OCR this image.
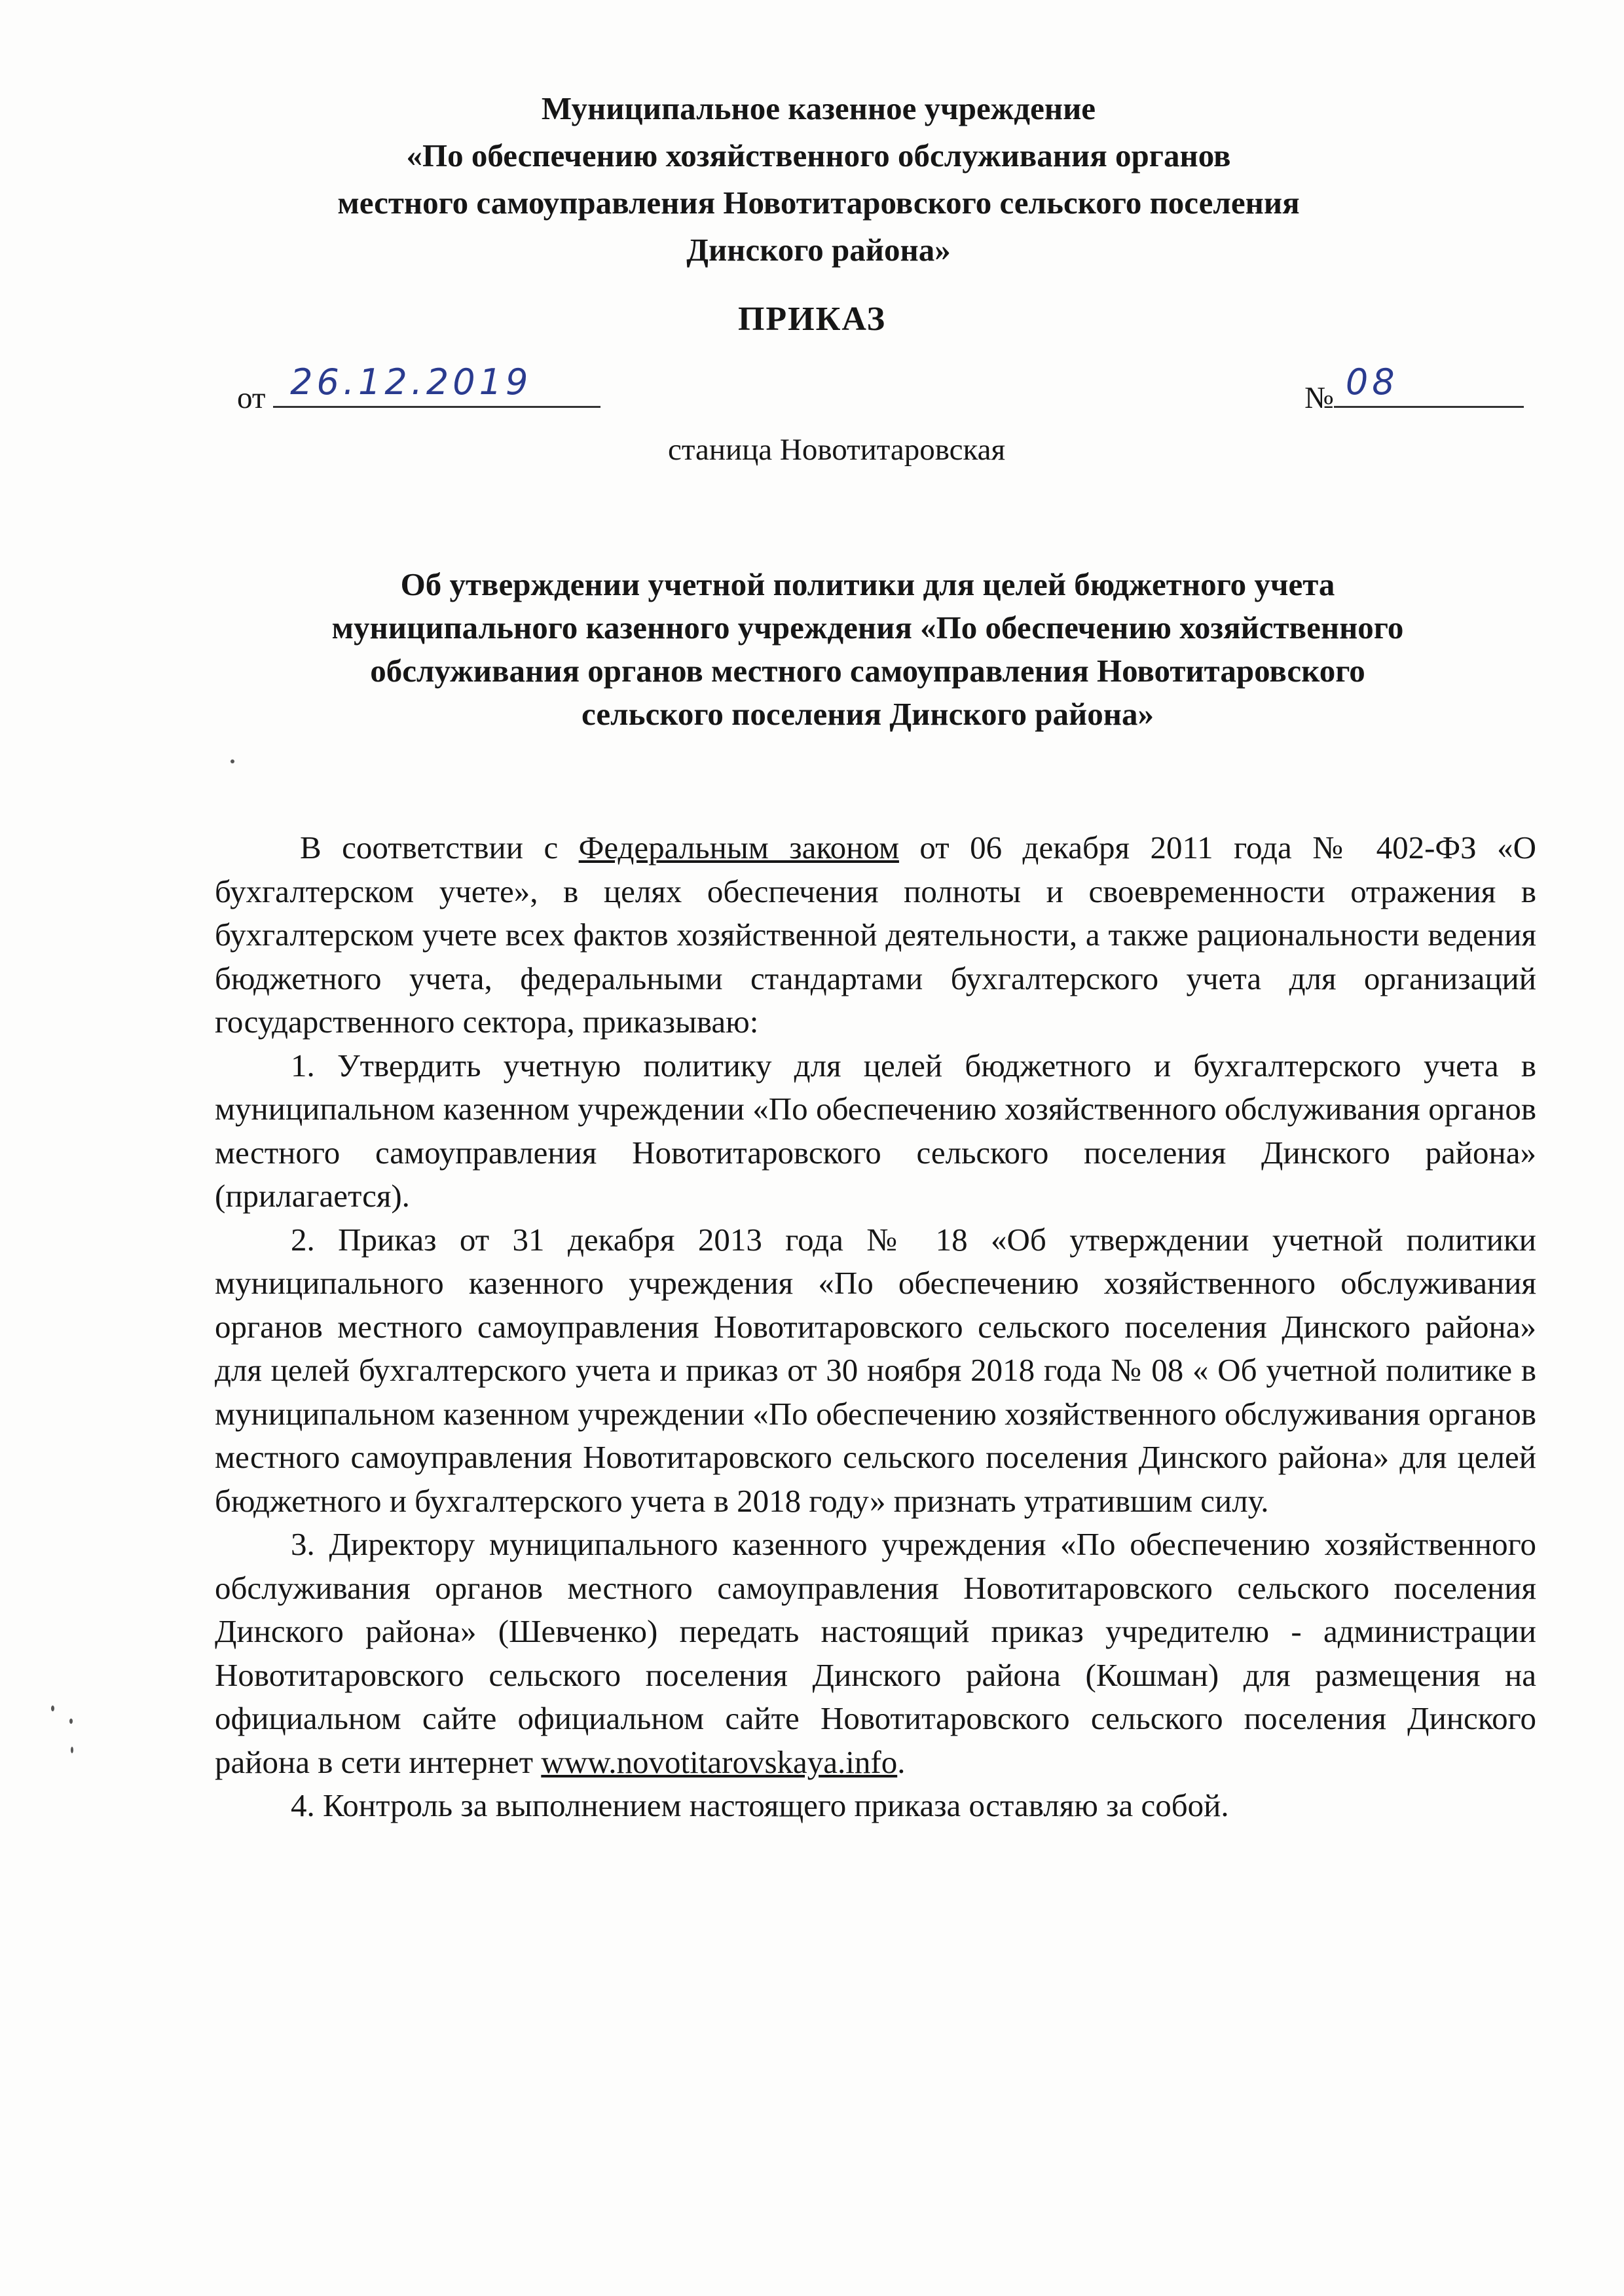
Муниципальное казенное учреждение
«По обеспечению хозяйственного обслуживания органов
местного самоуправления Новотитаровского сельского поселения
Динского района»
ПРИКАЗ
от 26.12.2019	№ 08
станица Новотитаровская
Об утверждении учетной политики для целей бюджетного учета
муниципального казенного учреждения «По обеспечению хозяйственного
обслуживания органов местного самоуправления Новотитаровского
сельского поселения Динского района»

В соответствии с Федеральным законом от 06 декабря 2011 года № 402-ФЗ «О бухгалтерском учете», в целях обеспечения полноты и своевременности отражения в бухгалтерском учете всех фактов хозяйственной деятельности, а также рациональности ведения бюджетного учета, федеральными стандартами бухгалтерского учета для организаций государственного сектора, приказываю:

1. Утвердить учетную политику для целей бюджетного и бухгалтерского учета в муниципальном казенном учреждении «По обеспечению хозяйственного обслуживания органов местного самоуправления Новотитаровского сельского поселения Динского района» (прилагается).

2. Приказ от 31 декабря 2013 года № 18 «Об утверждении учетной политики муниципального казенного учреждения «По обеспечению хозяйственного обслуживания органов местного самоуправления Новотитаровского сельского поселения Динского района» для целей бухгалтерского учета и приказ от 30 ноября 2018 года № 08 « Об учетной политике в муниципальном казенном учреждении «По обеспечению хозяйственного обслуживания органов местного самоуправления Новотитаровского сельского поселения Динского района» для целей бюджетного и бухгалтерского учета в 2018 году» признать утратившим силу.

3. Директору муниципального казенного учреждения «По обеспечению хозяйственного обслуживания органов местного самоуправления Новотитаровского сельского поселения Динского района» (Шевченко) передать настоящий приказ учредителю - администрации Новотитаровского сельского поселения Динского района (Кошман) для размещения на официальном сайте официальном сайте Новотитаровского сельского поселения Динского района в сети интернет www.novotitarovskaya.info.

4. Контроль за выполнением настоящего приказа оставляю за собой.
